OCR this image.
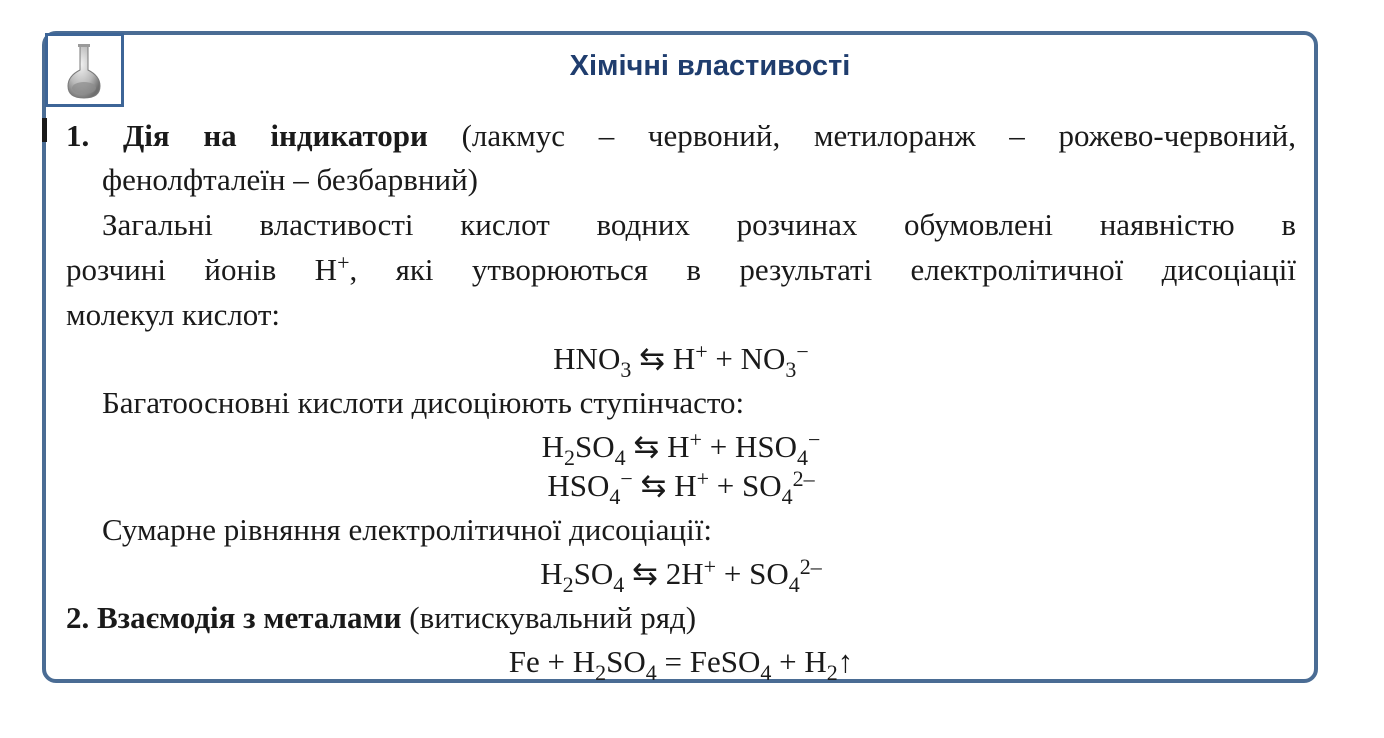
Хімічні властивості

1. Дія на індикатори (лакмус – червоний, метилоранж – рожево-червоний,

фенолфталеїн – безбарвний)

Загальні властивості кислот водних розчинах обумовлені наявністю в

розчині йонів H+, які утворюються в результаті електролітичної дисоціації

молекул кислот:

$HNO_3$ ⇆ $H^+ + NO_3^-$

Багатоосновні кислоти дисоціюють ступінчасто:

$H_2SO_4$ ⇆ $H^+ + HSO_4^-$

$HSO_4^-$ ⇆ $H^+ + SO_4^{2-}$

Сумарне рівняння електролітичної дисоціації:

$H_2SO_4$ ⇆ $2H^+ + SO_4^{2-}$

2. Взаємодія з металами (витискувальний ряд)

$Fe + H_2SO_4$ = FeSO$_4$ + $H_2↑$
